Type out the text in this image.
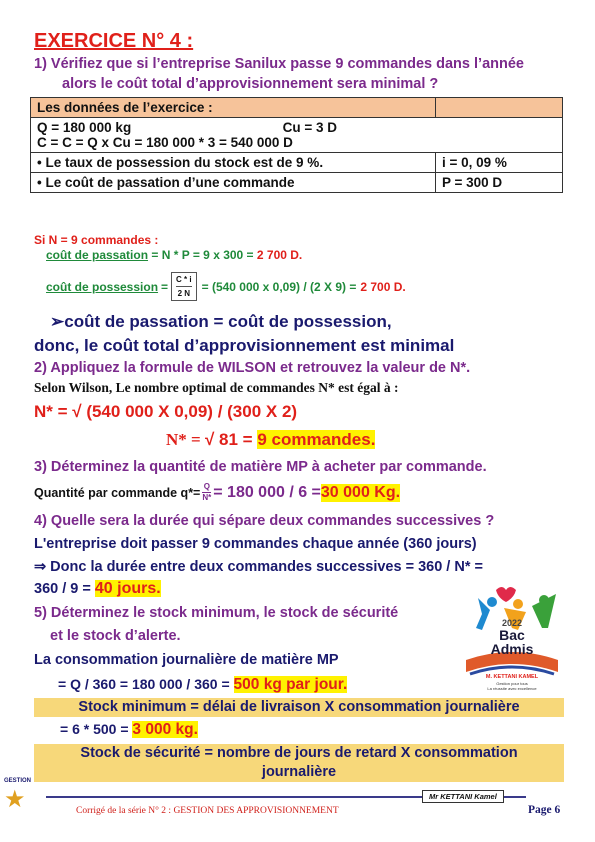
EXERCICE N° 4 :
1) Vérifiez que si l’entreprise Sanilux passe 9 commandes dans l’année
alors le coût total d’approvisionnement sera minimal ?
Les données de l’exercice :	

Q = 180 000 kg Cu = 3 D
C = C = Q x Cu = 180 000 * 3 = 540 000 D	

• Le taux de possession du stock est de 9 %.	i = 0, 09 %
• Le coût de passation d’une commande	P = 300 D
Si N = 9 commandes :
coût de passation = N * P = 9 x 300 = 2 700 D.
coût de possession = $\frac{C * i}{2 N} = (540$ 000 x 0,09) / (2 X 9) = 2 700 D.
➢coût de passation = coût de possession,
donc, le coût total d’approvisionnement est minimal
2) Appliquez la formule de WILSON et retrouvez la valeur de N*.
Selon Wilson, Le nombre optimal de commandes N* est égal à :
N* = √ (540 000 X 0,09) / (300 X 2)
N* = √ 81 = 9 commandes.
3) Déterminez la quantité de matière MP à acheter par commande.
Quantité par commande $q*= \frac{Q}{N*} = 180$ 000 / 6 = 30 000 Kg.
4) Quelle sera la durée qui sépare deux commandes successives ?
L'entreprise doit passer 9 commandes chaque année (360 jours)
⇒ Donc la durée entre deux commandes successives = 360 / N* =
360 / 9 = 40 jours.
5) Déterminez le stock minimum, le stock de sécurité
et le stock d’alerte.
La consommation journalière de matière MP
= Q / 360 = 180 000 / 360 = 500 kg par jour.
Stock minimum = délai de livraison X consommation journalière
= 6 * 500 = 3 000 kg.
Stock de sécurité = nombre de jours de retard X consommation
journalière
2022
Bac
Admis
M. KETTANI KAMEL
Gestion pour tous
La réussite avec excellence
GESTION
★	Corrigé de la série N° 2 : GESTION DES APPROVISIONNEMENT
Mr KETTANI Kamel
Page 6
